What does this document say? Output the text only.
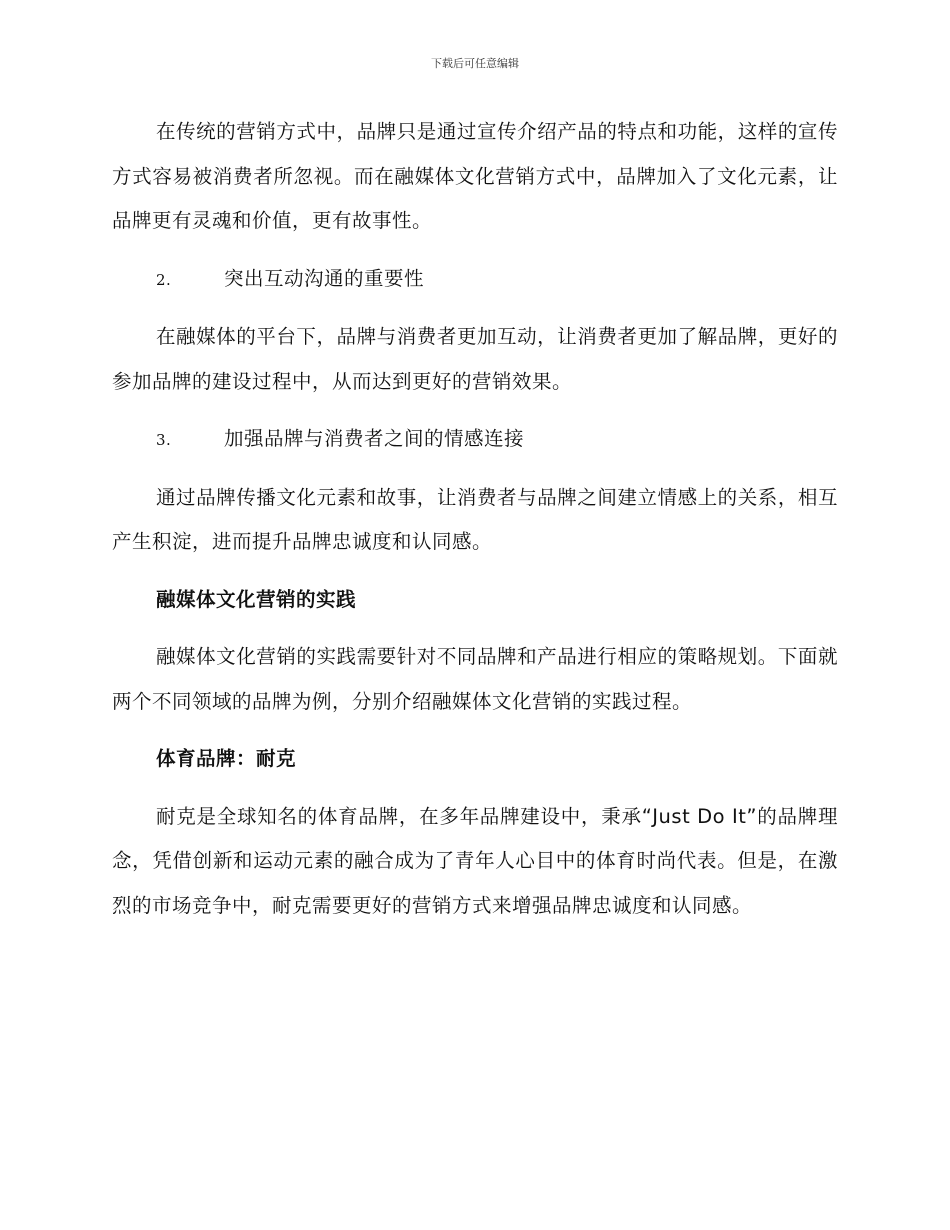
下载后可任意编辑

在传统的营销方式中，品牌只是通过宣传介绍产品的特点和功能，这样的宣传方式容易被消费者所忽视。而在融媒体文化营销方式中，品牌加入了文化元素，让品牌更有灵魂和价值，更有故事性。

2.	突出互动沟通的重要性

在融媒体的平台下，品牌与消费者更加互动，让消费者更加了解品牌，更好的参加品牌的建设过程中，从而达到更好的营销效果。

3.	加强品牌与消费者之间的情感连接

通过品牌传播文化元素和故事，让消费者与品牌之间建立情感上的关系，相互产生积淀，进而提升品牌忠诚度和认同感。

融媒体文化营销的实践

融媒体文化营销的实践需要针对不同品牌和产品进行相应的策略规划。下面就两个不同领域的品牌为例，分别介绍融媒体文化营销的实践过程。

体育品牌：耐克

耐克是全球知名的体育品牌，在多年品牌建设中，秉承“Just Do It”的品牌理念，凭借创新和运动元素的融合成为了青年人心目中的体育时尚代表。但是，在激烈的市场竞争中，耐克需要更好的营销方式来增强品牌忠诚度和认同感。
